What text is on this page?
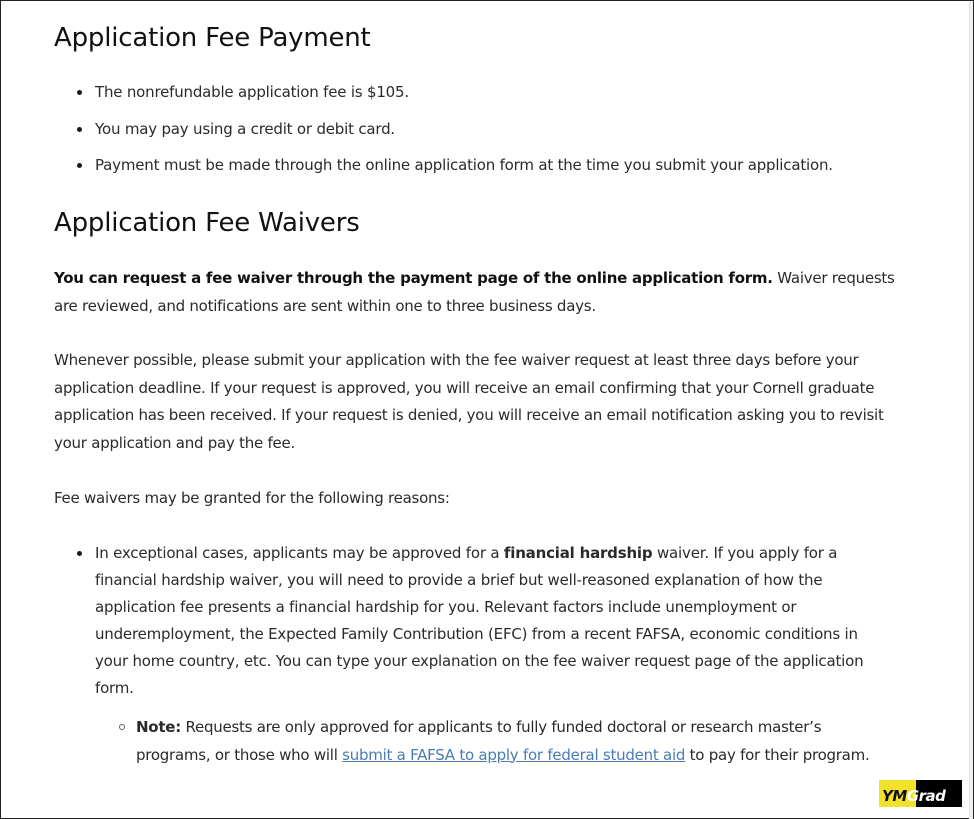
Application Fee Payment
The nonrefundable application fee is $105.
You may pay using a credit or debit card.
Payment must be made through the online application form at the time you submit your application.
Application Fee Waivers

You can request a fee waiver through the payment page of the online application form. Waiver requests
are reviewed, and notifications are sent within one to three business days.

Whenever possible, please submit your application with the fee waiver request at least three days before your
application deadline. If your request is approved, you will receive an email confirming that your Cornell graduate
application has been received. If your request is denied, you will receive an email notification asking you to revisit
your application and pay the fee.

Fee waivers may be granted for the following reasons:

In exceptional cases, applicants may be approved for a financial hardship waiver. If you apply for a
financial hardship waiver, you will need to provide a brief but well-reasoned explanation of how the
application fee presents a financial hardship for you. Relevant factors include unemployment or
underemployment, the Expected Family Contribution (EFC) from a recent FAFSA, economic conditions in
your home country, etc. You can type your explanation on the fee waiver request page of the application
form.
Note: Requests are only approved for applicants to fully funded doctoral or research master’s
programs, or those who will submit a FAFSA to apply for federal student aid to pay for their program.
YMGrad
